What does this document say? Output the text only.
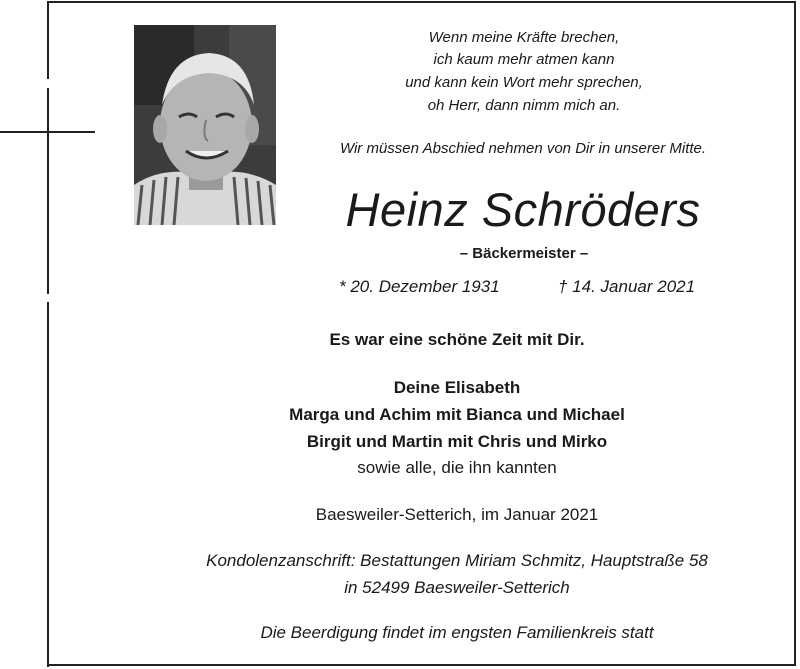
Wenn meine Kräfte brechen,
ich kaum mehr atmen kann
und kann kein Wort mehr sprechen,
oh Herr, dann nimm mich an.
Wir müssen Abschied nehmen von Dir in unserer Mitte.
Heinz Schröders
– Bäckermeister –
* 20. Dezember 1931	† 14. Januar 2021
Es war eine schöne Zeit mit Dir.
Deine Elisabeth
Marga und Achim mit Bianca und Michael
Birgit und Martin mit Chris und Mirko
sowie alle, die ihn kannten
Baesweiler-Setterich, im Januar 2021
Kondolenzanschrift: Bestattungen Miriam Schmitz, Hauptstraße 58
in 52499 Baesweiler-Setterich
Die Beerdigung findet im engsten Familienkreis statt
